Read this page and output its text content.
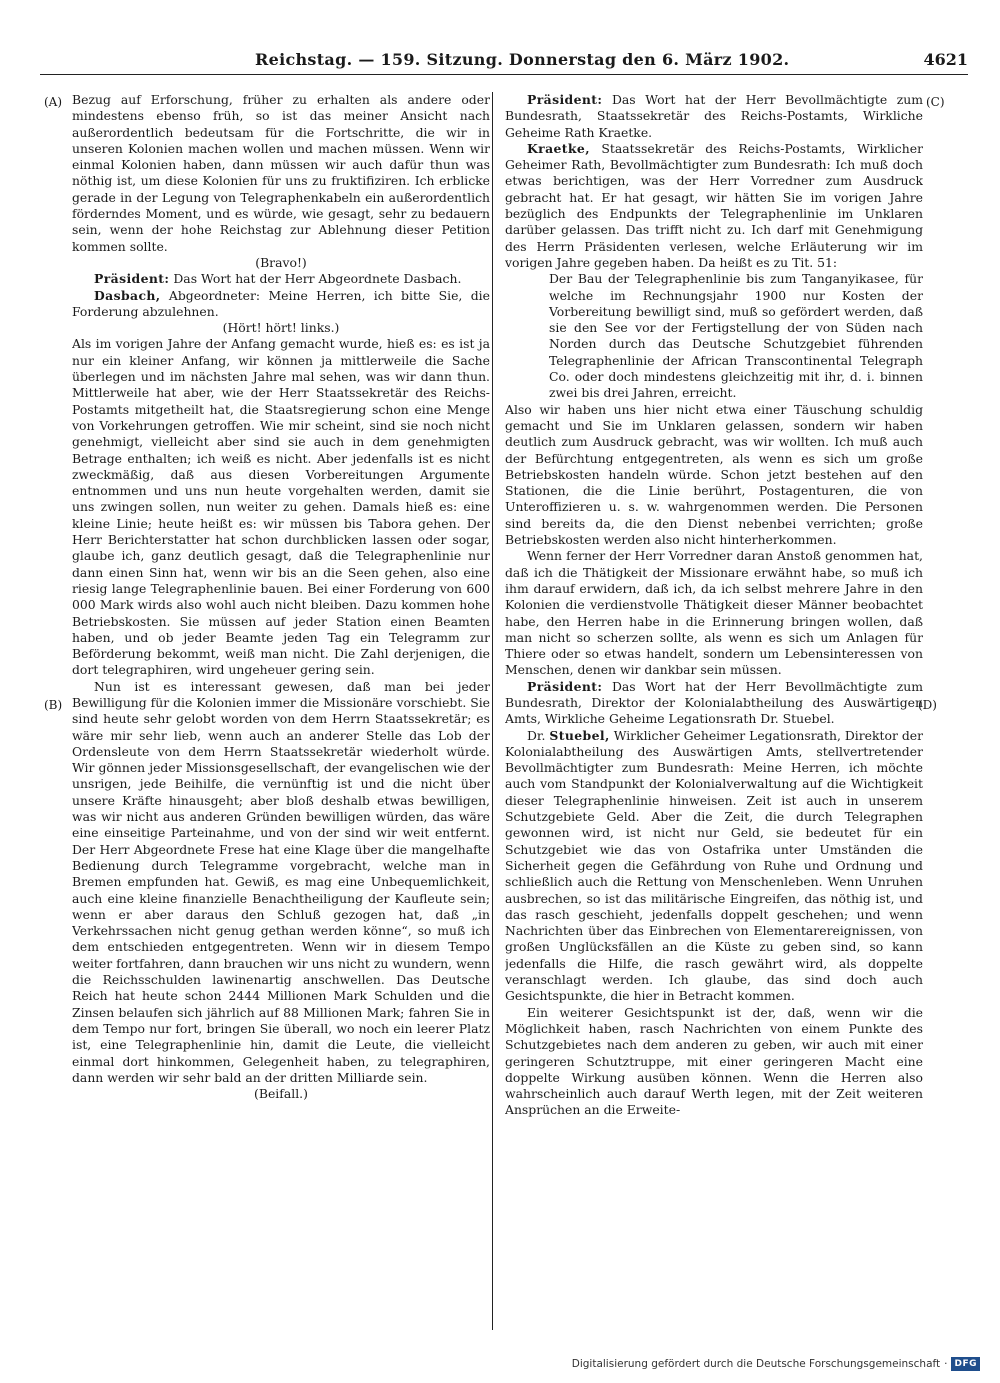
Reichstag. — 159. Sitzung. Donnerstag den 6. März 1902.	4621
(A)
(B)
(C)
(D)

Bezug auf Erforschung, früher zu erhalten als andere oder mindestens ebenso früh, so ist das meiner Ansicht nach außerordentlich bedeutsam für die Fortschritte, die wir in unseren Kolonien machen wollen und machen müssen. Wenn wir einmal Kolonien haben, dann müssen wir auch dafür thun was nöthig ist, um diese Kolonien für uns zu fruktifiziren. Ich erblicke gerade in der Legung von Telegraphenkabeln ein außerordentlich förderndes Moment, und es würde, wie gesagt, sehr zu bedauern sein, wenn der hohe Reichstag zur Ablehnung dieser Petition kommen sollte.

(Bravo!)

Präsident: Das Wort hat der Herr Abgeordnete Dasbach.

Dasbach, Abgeordneter: Meine Herren, ich bitte Sie, die Forderung abzulehnen.

(Hört! hört! links.)

Als im vorigen Jahre der Anfang gemacht wurde, hieß es: es ist ja nur ein kleiner Anfang, wir können ja mittlerweile die Sache überlegen und im nächsten Jahre mal sehen, was wir dann thun. Mittlerweile hat aber, wie der Herr Staatssekretär des Reichs-Postamts mitgetheilt hat, die Staatsregierung schon eine Menge von Vorkehrungen getroffen. Wie mir scheint, sind sie noch nicht genehmigt, vielleicht aber sind sie auch in dem genehmigten Betrage enthalten; ich weiß es nicht. Aber jedenfalls ist es nicht zweckmäßig, daß aus diesen Vorbereitungen Argumente entnommen und uns nun heute vorgehalten werden, damit sie uns zwingen sollen, nun weiter zu gehen. Damals hieß es: eine kleine Linie; heute heißt es: wir müssen bis Tabora gehen. Der Herr Berichterstatter hat schon durchblicken lassen oder sogar, glaube ich, ganz deutlich gesagt, daß die Telegraphenlinie nur dann einen Sinn hat, wenn wir bis an die Seen gehen, also eine riesig lange Telegraphenlinie bauen. Bei einer Forderung von 600 000 Mark wirds also wohl auch nicht bleiben. Dazu kommen hohe Betriebskosten. Sie müssen auf jeder Station einen Beamten haben, und ob jeder Beamte jeden Tag ein Telegramm zur Beförderung bekommt, weiß man nicht. Die Zahl derjenigen, die dort telegraphiren, wird ungeheuer gering sein.

Nun ist es interessant gewesen, daß man bei jeder Bewilligung für die Kolonien immer die Missionäre vorschiebt. Sie sind heute sehr gelobt worden von dem Herrn Staatssekretär; es wäre mir sehr lieb, wenn auch an anderer Stelle das Lob der Ordensleute von dem Herrn Staatssekretär wiederholt würde. Wir gönnen jeder Missionsgesellschaft, der evangelischen wie der unsrigen, jede Beihilfe, die vernünftig ist und die nicht über unsere Kräfte hinausgeht; aber bloß deshalb etwas bewilligen, was wir nicht aus anderen Gründen bewilligen würden, das wäre eine einseitige Parteinahme, und von der sind wir weit entfernt. Der Herr Abgeordnete Frese hat eine Klage über die mangelhafte Bedienung durch Telegramme vorgebracht, welche man in Bremen empfunden hat. Gewiß, es mag eine Unbequemlichkeit, auch eine kleine finanzielle Benachtheiligung der Kaufleute sein; wenn er aber daraus den Schluß gezogen hat, daß „in Verkehrssachen nicht genug gethan werden könne“, so muß ich dem entschieden entgegentreten. Wenn wir in diesem Tempo weiter fortfahren, dann brauchen wir uns nicht zu wundern, wenn die Reichsschulden lawinenartig anschwellen. Das Deutsche Reich hat heute schon 2444 Millionen Mark Schulden und die Zinsen belaufen sich jährlich auf 88 Millionen Mark; fahren Sie in dem Tempo nur fort, bringen Sie überall, wo noch ein leerer Platz ist, eine Telegraphenlinie hin, damit die Leute, die vielleicht einmal dort hinkommen, Gelegenheit haben, zu telegraphiren, dann werden wir sehr bald an der dritten Milliarde sein.

(Beifall.)

Präsident: Das Wort hat der Herr Bevollmächtigte zum Bundesrath, Staatssekretär des Reichs-Postamts, Wirkliche Geheime Rath Kraetke.

Kraetke, Staatssekretär des Reichs-Postamts, Wirklicher Geheimer Rath, Bevollmächtigter zum Bundesrath: Ich muß doch etwas berichtigen, was der Herr Vorredner zum Ausdruck gebracht hat. Er hat gesagt, wir hätten Sie im vorigen Jahre bezüglich des Endpunkts der Telegraphenlinie im Unklaren darüber gelassen. Das trifft nicht zu. Ich darf mit Genehmigung des Herrn Präsidenten verlesen, welche Erläuterung wir im vorigen Jahre gegeben haben. Da heißt es zu Tit. 51:

Der Bau der Telegraphenlinie bis zum Tanganyikasee, für welche im Rechnungsjahr 1900 nur Kosten der Vorbereitung bewilligt sind, muß so gefördert werden, daß sie den See vor der Fertigstellung der von Süden nach Norden durch das Deutsche Schutzgebiet führenden Telegraphenlinie der African Transcontinental Telegraph Co. oder doch mindestens gleichzeitig mit ihr, d. i. binnen zwei bis drei Jahren, erreicht.

Also wir haben uns hier nicht etwa einer Täuschung schuldig gemacht und Sie im Unklaren gelassen, sondern wir haben deutlich zum Ausdruck gebracht, was wir wollten. Ich muß auch der Befürchtung entgegentreten, als wenn es sich um große Betriebskosten handeln würde. Schon jetzt bestehen auf den Stationen, die die Linie berührt, Postagenturen, die von Unteroffizieren u. s. w. wahrgenommen werden. Die Personen sind bereits da, die den Dienst nebenbei verrichten; große Betriebskosten werden also nicht hinterherkommen.

Wenn ferner der Herr Vorredner daran Anstoß genommen hat, daß ich die Thätigkeit der Missionare erwähnt habe, so muß ich ihm darauf erwidern, daß ich, da ich selbst mehrere Jahre in den Kolonien die verdienstvolle Thätigkeit dieser Männer beobachtet habe, den Herren habe in die Erinnerung bringen wollen, daß man nicht so scherzen sollte, als wenn es sich um Anlagen für Thiere oder so etwas handelt, sondern um Lebensinteressen von Menschen, denen wir dankbar sein müssen.

Präsident: Das Wort hat der Herr Bevollmächtigte zum Bundesrath, Direktor der Kolonialabtheilung des Auswärtigen Amts, Wirkliche Geheime Legationsrath Dr. Stuebel.

Dr. Stuebel, Wirklicher Geheimer Legationsrath, Direktor der Kolonialabtheilung des Auswärtigen Amts, stellvertretender Bevollmächtigter zum Bundesrath: Meine Herren, ich möchte auch vom Standpunkt der Kolonialverwaltung auf die Wichtigkeit dieser Telegraphenlinie hinweisen. Zeit ist auch in unserem Schutzgebiete Geld. Aber die Zeit, die durch Telegraphen gewonnen wird, ist nicht nur Geld, sie bedeutet für ein Schutzgebiet wie das von Ostafrika unter Umständen die Sicherheit gegen die Gefährdung von Ruhe und Ordnung und schließlich auch die Rettung von Menschenleben. Wenn Unruhen ausbrechen, so ist das militärische Eingreifen, das nöthig ist, und das rasch geschieht, jedenfalls doppelt geschehen; und wenn Nachrichten über das Einbrechen von Elementarereignissen, von großen Unglücksfällen an die Küste zu geben sind, so kann jedenfalls die Hilfe, die rasch gewährt wird, als doppelte veranschlagt werden. Ich glaube, das sind doch auch Gesichtspunkte, die hier in Betracht kommen.

Ein weiterer Gesichtspunkt ist der, daß, wenn wir die Möglichkeit haben, rasch Nachrichten von einem Punkte des Schutzgebietes nach dem anderen zu geben, wir auch mit einer geringeren Schutztruppe, mit einer geringeren Macht eine doppelte Wirkung ausüben können. Wenn die Herren also wahrscheinlich auch darauf Werth legen, mit der Zeit weiteren Ansprüchen an die Erweite-

Digitalisierung gefördert durch die Deutsche Forschungsgemeinschaft · DFG
